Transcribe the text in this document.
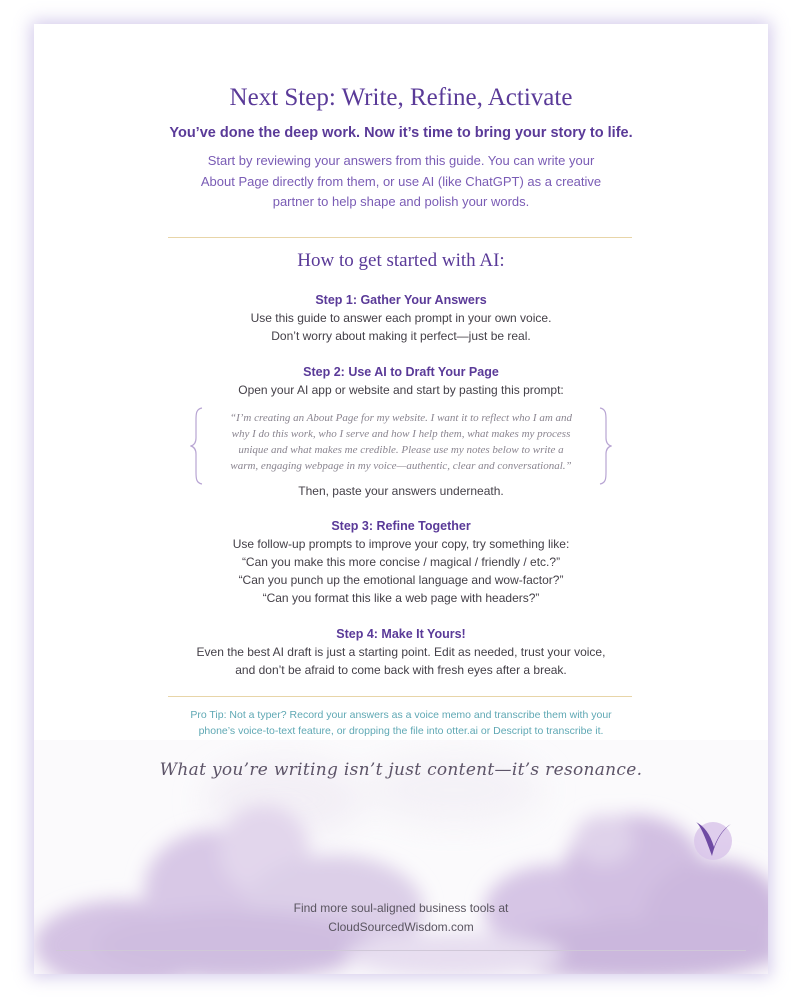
Next Step: Write, Refine, Activate
You’ve done the deep work. Now it’s time to bring your story to life.
Start by reviewing your answers from this guide. You can write your
About Page directly from them, or use AI (like ChatGPT) as a creative
partner to help shape and polish your words.
How to get started with AI:
Step 1: Gather Your Answers
Use this guide to answer each prompt in your own voice.
Don’t worry about making it perfect—just be real.
Step 2: Use AI to Draft Your Page
Open your AI app or website and start by pasting this prompt:
“I’m creating an About Page for my website. I want it to reflect who I am and
why I do this work, who I serve and how I help them, what makes my process
unique and what makes me credible. Please use my notes below to write a
warm, engaging webpage in my voice—authentic, clear and conversational.”
Then, paste your answers underneath.
Step 3: Refine Together
Use follow-up prompts to improve your copy, try something like:
“Can you make this more concise / magical / friendly / etc.?”
“Can you punch up the emotional language and wow-factor?”
“Can you format this like a web page with headers?”
Step 4: Make It Yours!
Even the best AI draft is just a starting point. Edit as needed, trust your voice,
and don’t be afraid to come back with fresh eyes after a break.
Pro Tip: Not a typer? Record your answers as a voice memo and transcribe them with your
phone’s voice-to-text feature, or dropping the file into otter.ai or Descript to transcribe it.
What you’re writing isn’t just content—it’s resonance.
Find more soul-aligned business tools at
CloudSourcedWisdom.com
